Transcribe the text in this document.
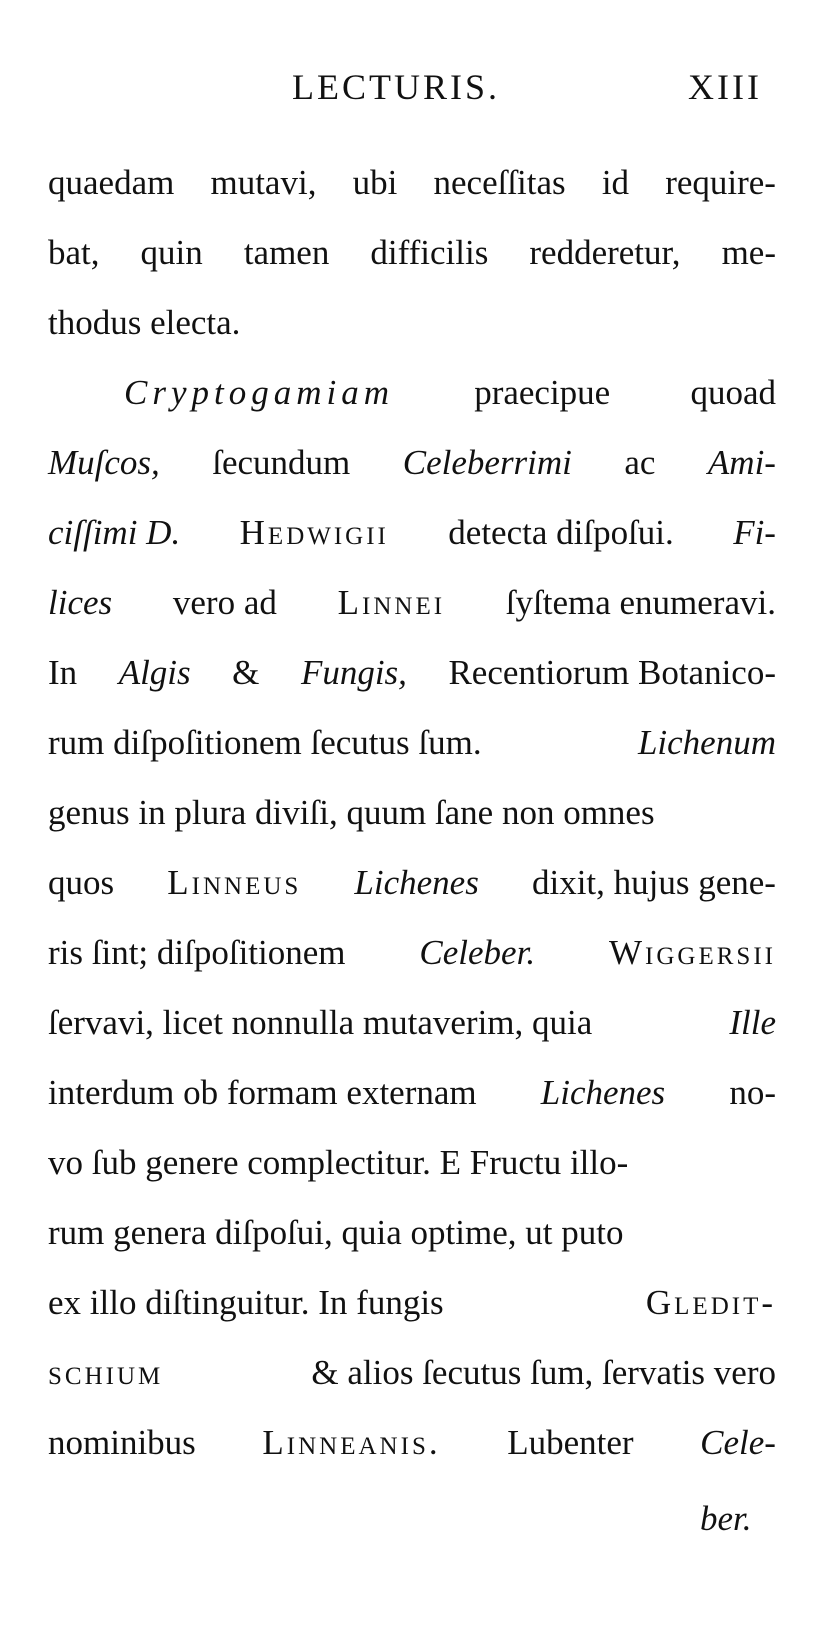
LECTURIS.	XIII
quaedam mutavi, ubi neceſſitas id require-
bat, quin tamen difficilis redderetur, me-
thodus electa.
Cryptogamiam praecipue quoad
Muſcos, ſecundum Celeberrimi ac Ami-
ciſſimi D. Hedwigii detecta diſpoſui. Fi-
lices vero ad Linnei ſyſtema enumeravi.
In Algis & Fungis, Recentiorum Botanico-
rum diſpoſitionem ſecutus ſum.	Lichenum
genus in plura diviſi, quum ſane non omnes
quos Linneus Lichenes dixit, hujus gene-
ris ſint; diſpoſitionem Celeber. Wiggersii
ſervavi, licet nonnulla mutaverim, quia	Ille
interdum ob formam externam Lichenes no-
vo ſub genere complectitur. E Fructu illo-
rum genera diſpoſui, quia optime, ut puto
ex illo diſtinguitur. In fungis	Gledit-
schium	& alios ſecutus ſum, ſervatis vero
nominibus Linneanis. Lubenter Cele-
ber.
